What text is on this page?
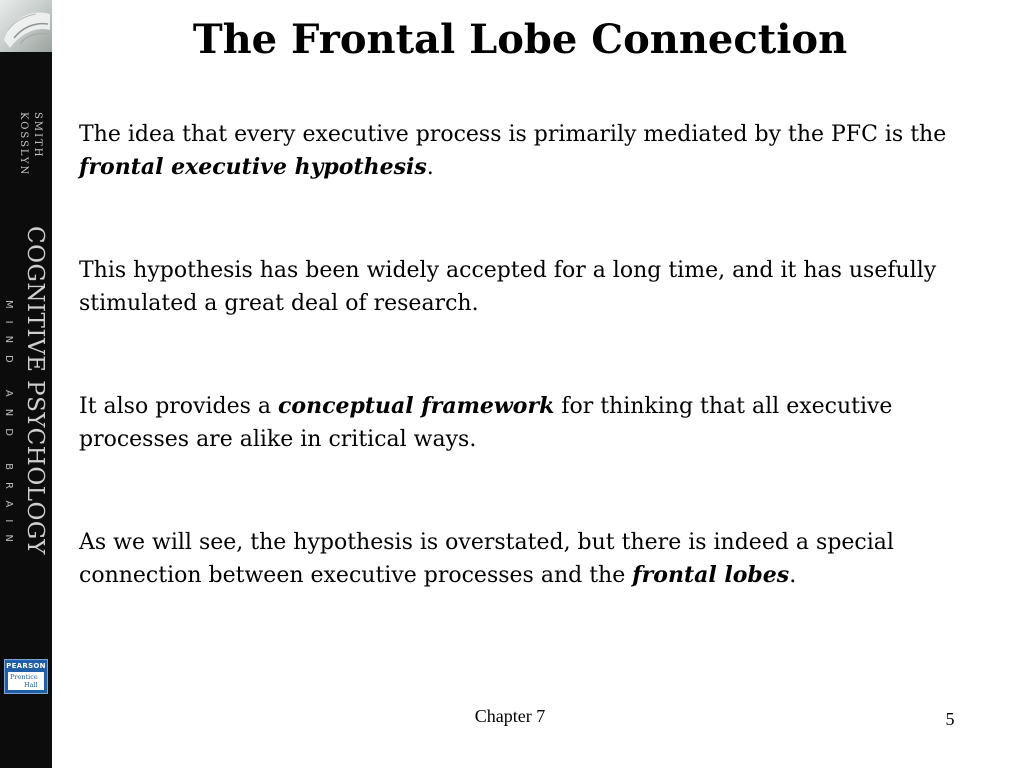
SMITH
KOSSLYN
COGNITIVE PSYCHOLOGY
MIND AND BRAIN
PEARSON
Prentice
Hall
The Frontal Lobe Connection

The idea that every executive process is primarily mediated by the PFC is the frontal executive hypothesis.

This hypothesis has been widely accepted for a long time, and it has usefully stimulated a great deal of research.

It also provides a conceptual framework for thinking that all executive processes are alike in critical ways.

As we will see, the hypothesis is overstated, but there is indeed a special connection between executive processes and the frontal lobes.

Chapter 7	5
